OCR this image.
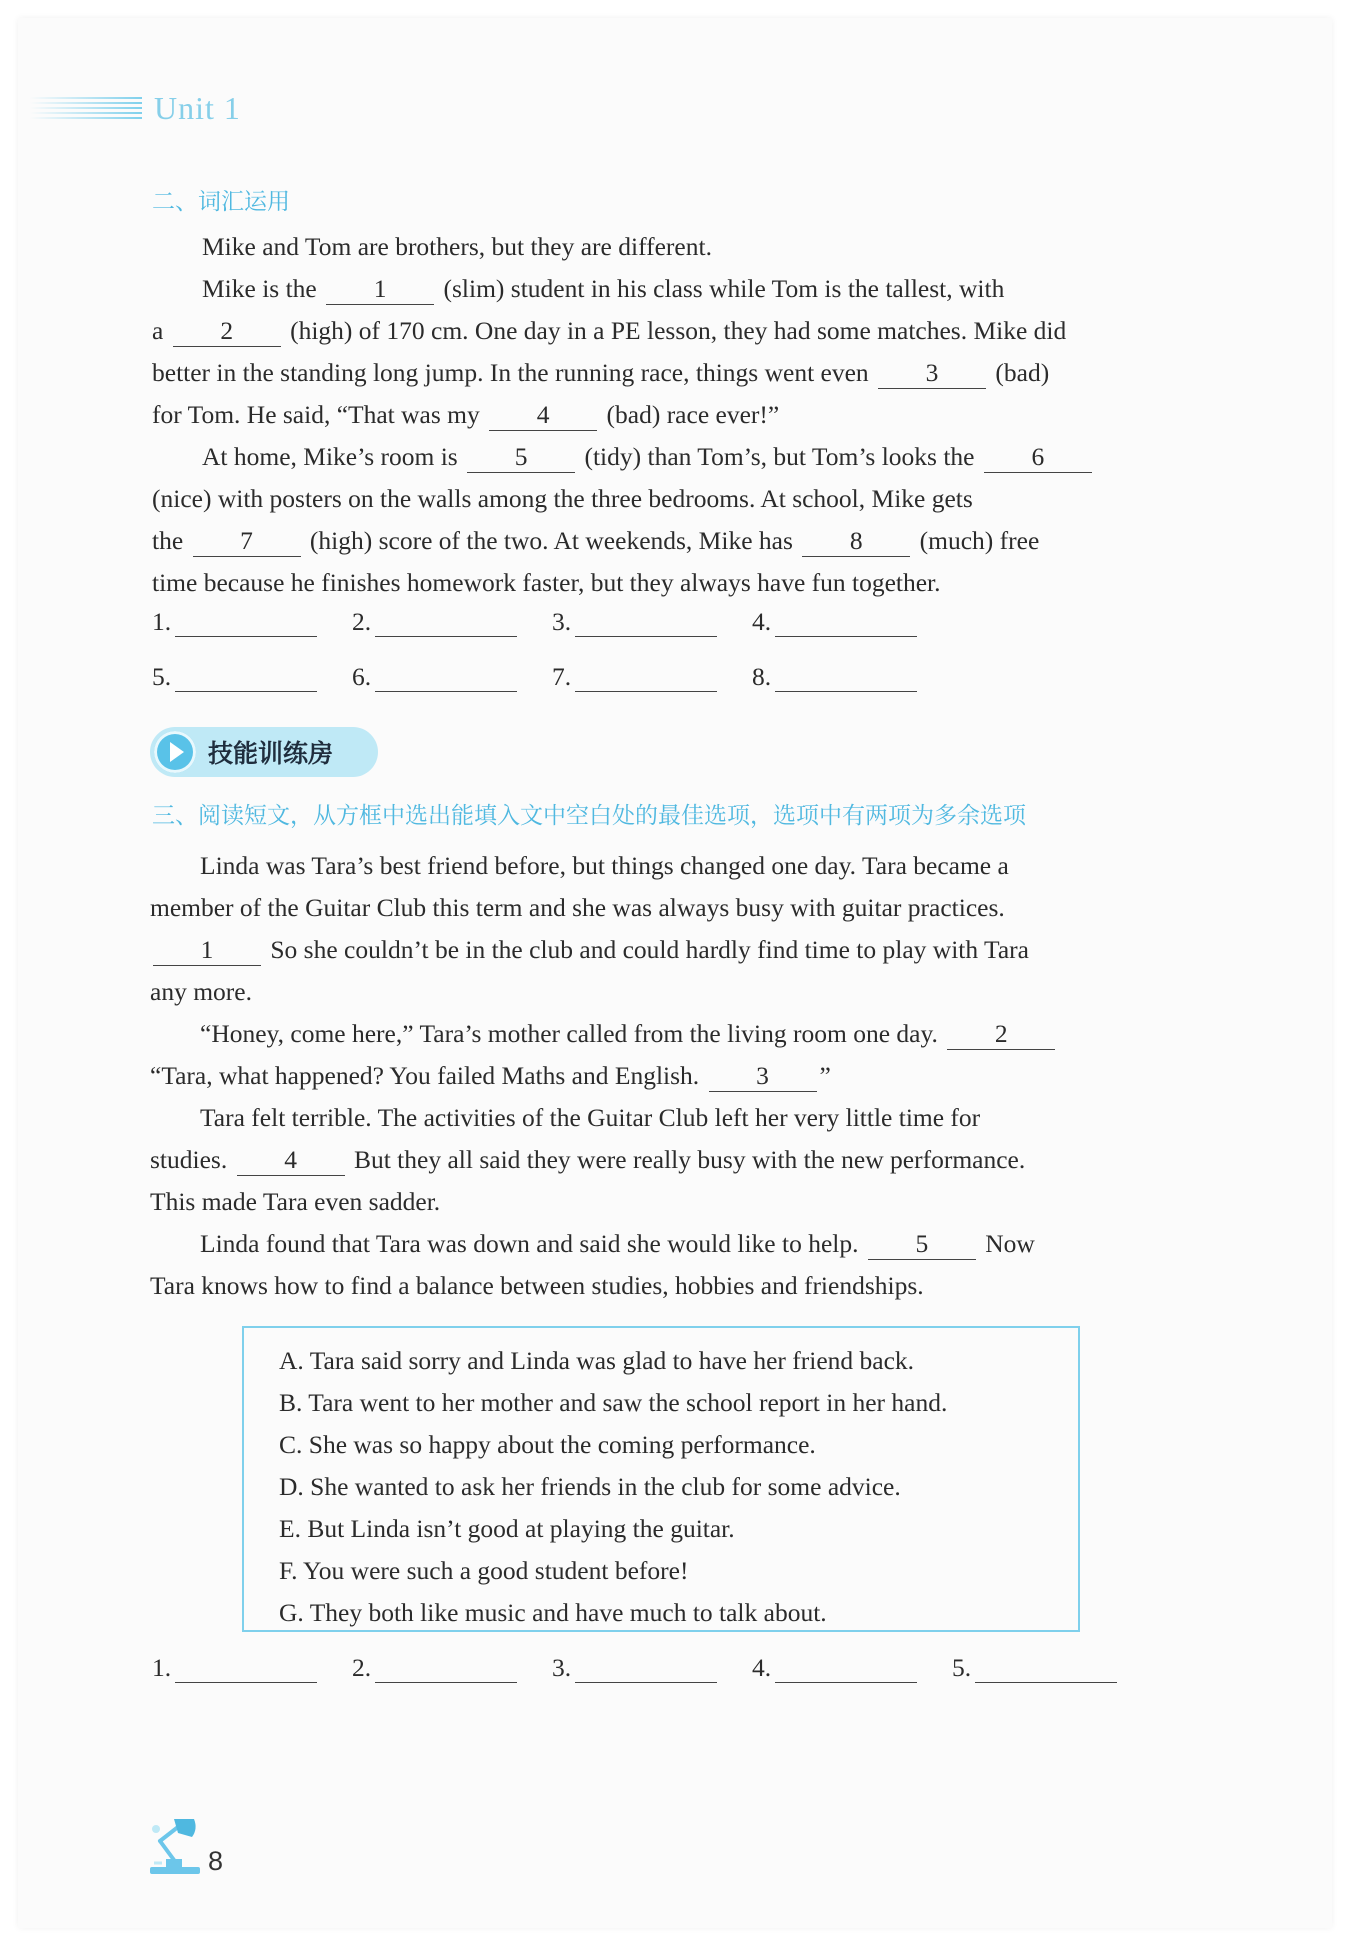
Unit 1
二、词汇运用
Mike and Tom are brothers, but they are different.
Mike is the 1 (slim) student in his class while Tom is the tallest, with
a 2 (high) of 170 cm. One day in a PE lesson, they had some matches. Mike did
better in the standing long jump. In the running race, things went even 3 (bad)
for Tom. He said, “That was my 4 (bad) race ever!”
At home, Mike’s room is 5 (tidy) than Tom’s, but Tom’s looks the 6
(nice) with posters on the walls among the three bedrooms. At school, Mike gets
the 7 (high) score of the two. At weekends, Mike has 8 (much) free
time because he finishes homework faster, but they always have fun together.
1.	2.	3.	4.
5.	6.	7.	8.
技能训练房
三、阅读短文，从方框中选出能填入文中空白处的最佳选项，选项中有两项为多余选项
Linda was Tara’s best friend before, but things changed one day. Tara became a
member of the Guitar Club this term and she was always busy with guitar practices.
1 So she couldn’t be in the club and could hardly find time to play with Tara
any more.
“Honey, come here,” Tara’s mother called from the living room one day. 2
“Tara, what happened? You failed Maths and English. 3 ”
Tara felt terrible. The activities of the Guitar Club left her very little time for
studies. 4 But they all said they were really busy with the new performance.
This made Tara even sadder.
Linda found that Tara was down and said she would like to help. 5 Now
Tara knows how to find a balance between studies, hobbies and friendships.
A. Tara said sorry and Linda was glad to have her friend back.
B. Tara went to her mother and saw the school report in her hand.
C. She was so happy about the coming performance.
D. She wanted to ask her friends in the club for some advice.
E. But Linda isn’t good at playing the guitar.
F. You were such a good student before!
G. They both like music and have much to talk about.
1.	2.	3.	4.	5.
8
